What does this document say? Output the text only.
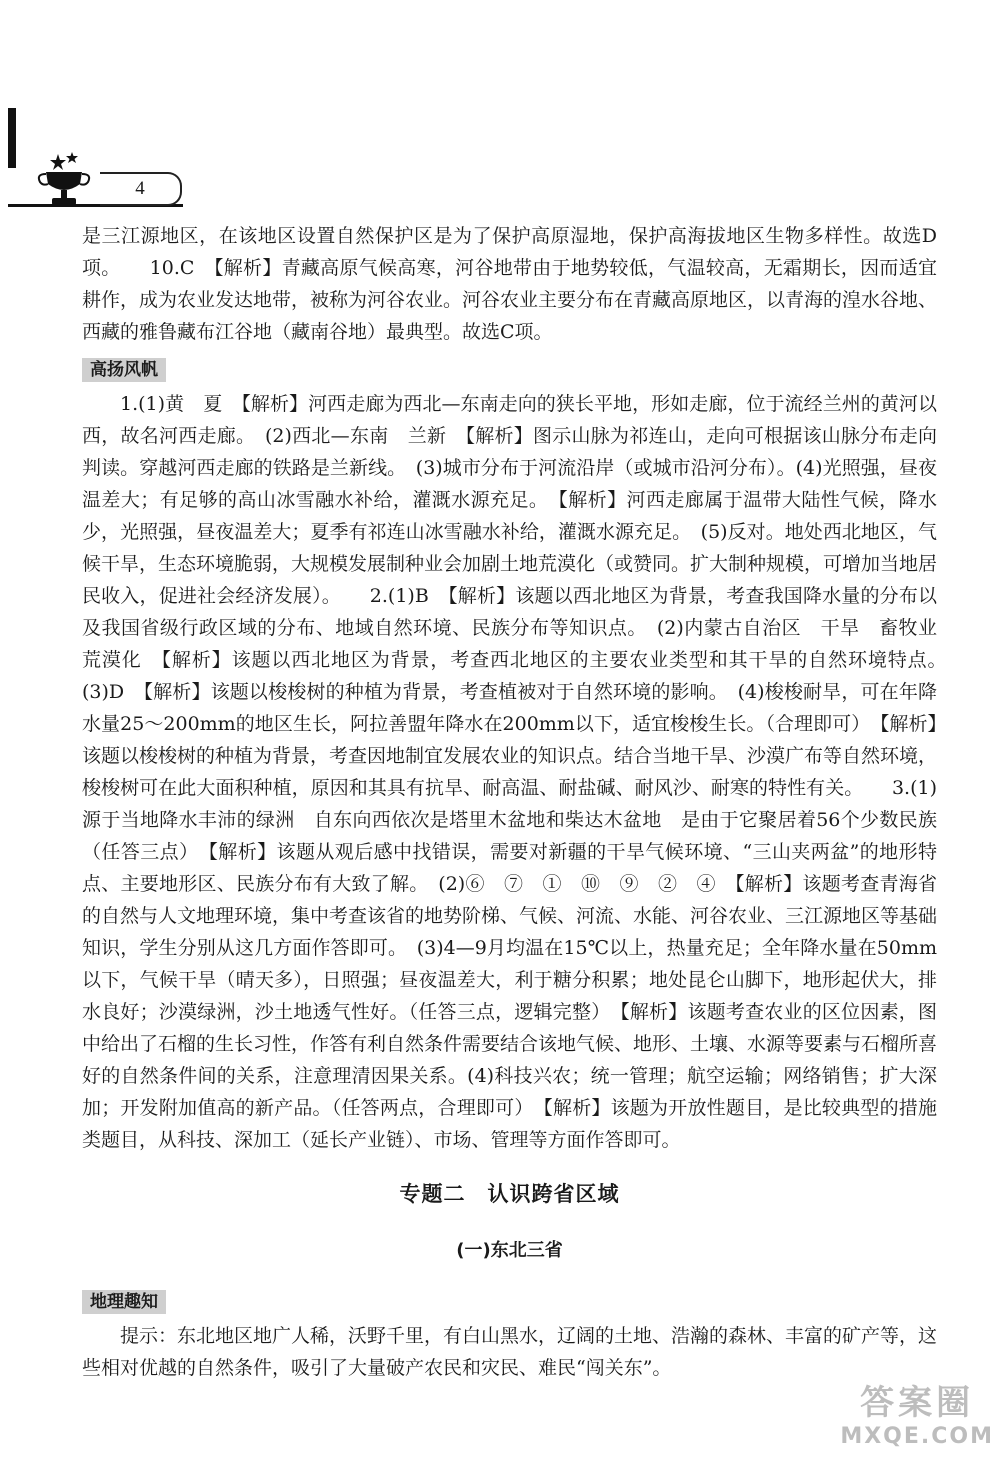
4

是三江源地区，在该地区设置自然保护区是为了保护高原湿地，保护高海拔地区生物多样性。故选D项。　　10.C　【解析】青藏高原气候高寒，河谷地带由于地势较低，气温较高，无霜期长，因而适宜耕作，成为农业发达地带，被称为河谷农业。河谷农业主要分布在青藏高原地区，以青海的湟水谷地、西藏的雅鲁藏布江谷地（藏南谷地）最典型。故选C项。

高扬风帆

1.(1)黄　夏　【解析】河西走廊为西北—东南走向的狭长平地，形如走廊，位于流经兰州的黄河以西，故名河西走廊。　(2)西北—东南　兰新　【解析】图示山脉为祁连山，走向可根据该山脉分布走向判读。穿越河西走廊的铁路是兰新线。　(3)城市分布于河流沿岸（或城市沿河分布）。(4)光照强，昼夜温差大；有足够的高山冰雪融水补给，灌溉水源充足。　【解析】河西走廊属于温带大陆性气候，降水少，光照强，昼夜温差大；夏季有祁连山冰雪融水补给，灌溉水源充足。　(5)反对。地处西北地区，气候干旱，生态环境脆弱，大规模发展制种业会加剧土地荒漠化（或赞同。扩大制种规模，可增加当地居民收入，促进社会经济发展）。　　2.(1)B　【解析】该题以西北地区为背景，考查我国降水量的分布以及我国省级行政区域的分布、地域自然环境、民族分布等知识点。　(2)内蒙古自治区　干旱　畜牧业　荒漠化　【解析】该题以西北地区为背景，考查西北地区的主要农业类型和其干旱的自然环境特点。　(3)D　【解析】该题以梭梭树的种植为背景，考查植被对于自然环境的影响。　(4)梭梭耐旱，可在年降水量25～200mm的地区生长，阿拉善盟年降水在200mm以下，适宜梭梭生长。（合理即可）　【解析】该题以梭梭树的种植为背景，考查因地制宜发展农业的知识点。结合当地干旱、沙漠广布等自然环境，梭梭树可在此大面积种植，原因和其具有抗旱、耐高温、耐盐碱、耐风沙、耐寒的特性有关。　　3.(1)源于当地降水丰沛的绿洲　自东向西依次是塔里木盆地和柴达木盆地　是由于它聚居着56个少数民族（任答三点）　【解析】该题从观后感中找错误，需要对新疆的干旱气候环境、“三山夹两盆”的地形特点、主要地形区、民族分布有大致了解。　(2)⑥　⑦　①　⑩　⑨　②　④　【解析】该题考查青海省的自然与人文地理环境，集中考查该省的地势阶梯、气候、河流、水能、河谷农业、三江源地区等基础知识，学生分别从这几方面作答即可。　(3)4—9月均温在15℃以上，热量充足；全年降水量在50mm以下，气候干旱（晴天多），日照强；昼夜温差大，利于糖分积累；地处昆仑山脚下，地形起伏大，排水良好；沙漠绿洲，沙土地透气性好。（任答三点，逻辑完整）　【解析】该题考查农业的区位因素，图中给出了石榴的生长习性，作答有利自然条件需要结合该地气候、地形、土壤、水源等要素与石榴所喜好的自然条件间的关系，注意理清因果关系。(4)科技兴农；统一管理；航空运输；网络销售；扩大深加；开发附加值高的新产品。（任答两点，合理即可）　【解析】该题为开放性题目，是比较典型的措施类题目，从科技、深加工（延长产业链）、市场、管理等方面作答即可。

专题二　认识跨省区域
(一)东北三省
地理趣知

提示：东北地区地广人稀，沃野千里，有白山黑水，辽阔的土地、浩瀚的森林、丰富的矿产等，这些相对优越的自然条件，吸引了大量破产农民和灾民、难民“闯关东”。

答案圈
MXQE.COM
